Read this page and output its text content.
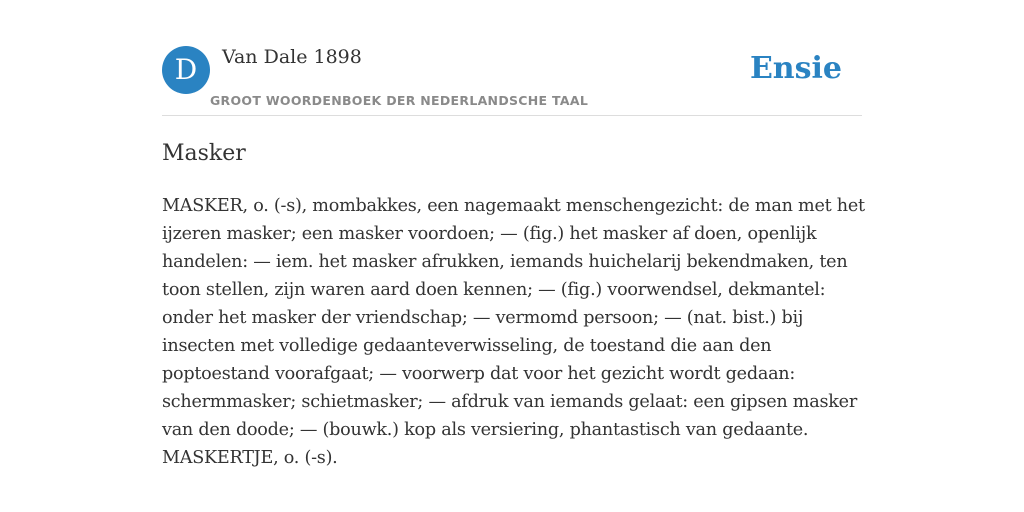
D	Van Dale 1898
GROOT WOORDENBOEK DER NEDERLANDSCHE TAAL
Ensie
Masker

MASKER, o. (-s), mombakkes, een nagemaakt menschengezicht: de man met het ijzeren masker; een masker voordoen; — (fig.) het masker af doen, openlijk handelen: — iem. het masker afrukken, iemands huichelarij bekendmaken, ten toon stellen, zijn waren aard doen kennen; — (fig.) voorwendsel, dekmantel: onder het masker der vriendschap; — vermomd persoon; — (nat. bist.) bij insecten met volledige gedaanteverwisseling, de toestand die aan den poptoestand voorafgaat; — voorwerp dat voor het gezicht wordt gedaan: schermmasker; schietmasker; — afdruk van iemands gelaat: een gipsen masker van den doode; — (bouwk.) kop als versiering, phantastisch van gedaante.

MASKERTJE, o. (-s).
